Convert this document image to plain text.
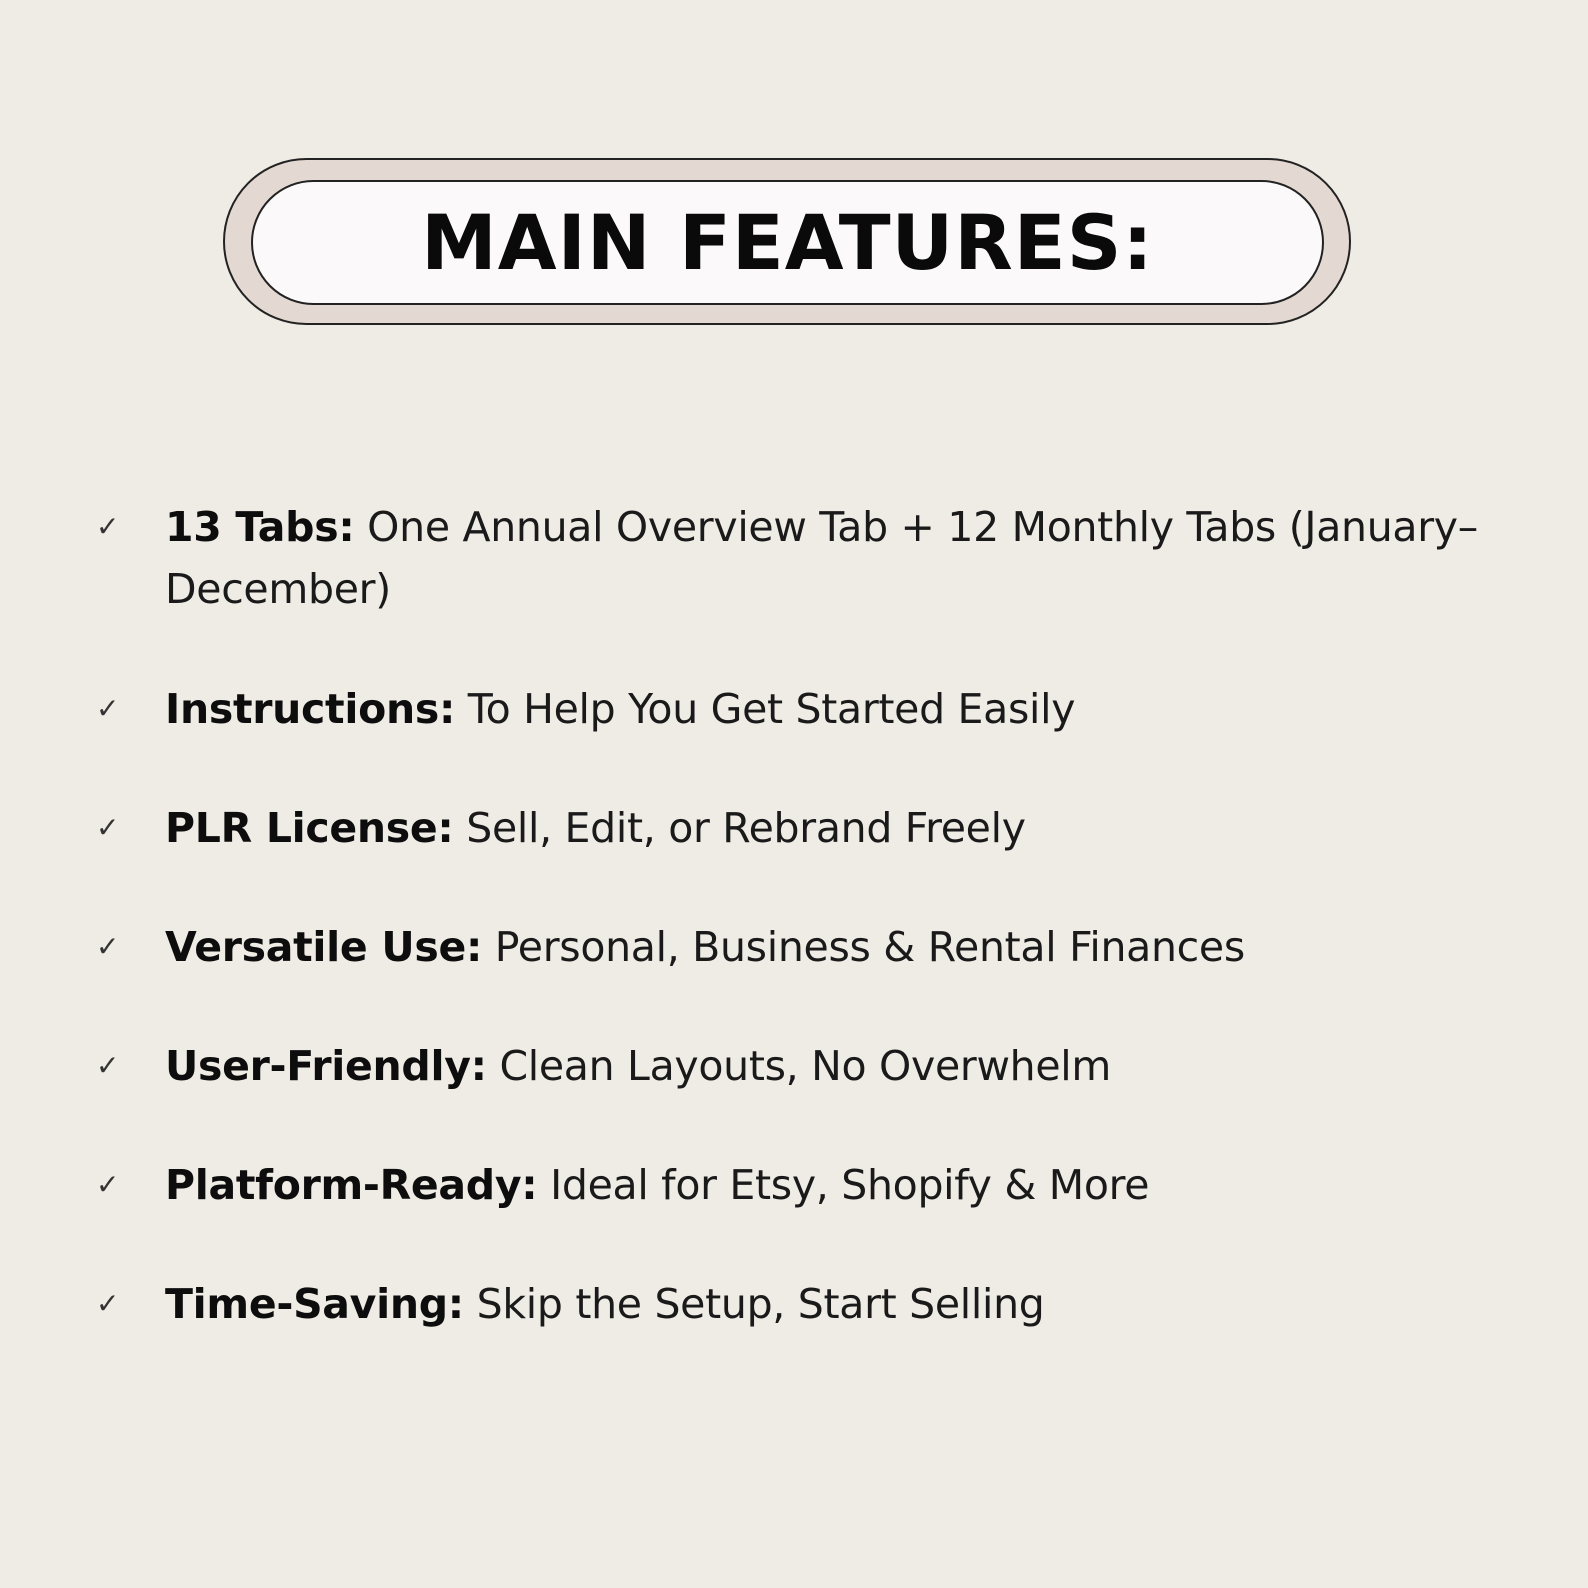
MAIN FEATURES:
✓	13 Tabs: One Annual Overview Tab + 12 Monthly Tabs (January–December)
✓	Instructions: To Help You Get Started Easily
✓	PLR License: Sell, Edit, or Rebrand Freely
✓	Versatile Use: Personal, Business & Rental Finances
✓	User-Friendly: Clean Layouts, No Overwhelm
✓	Platform-Ready: Ideal for Etsy, Shopify & More
✓	Time-Saving: Skip the Setup, Start Selling
